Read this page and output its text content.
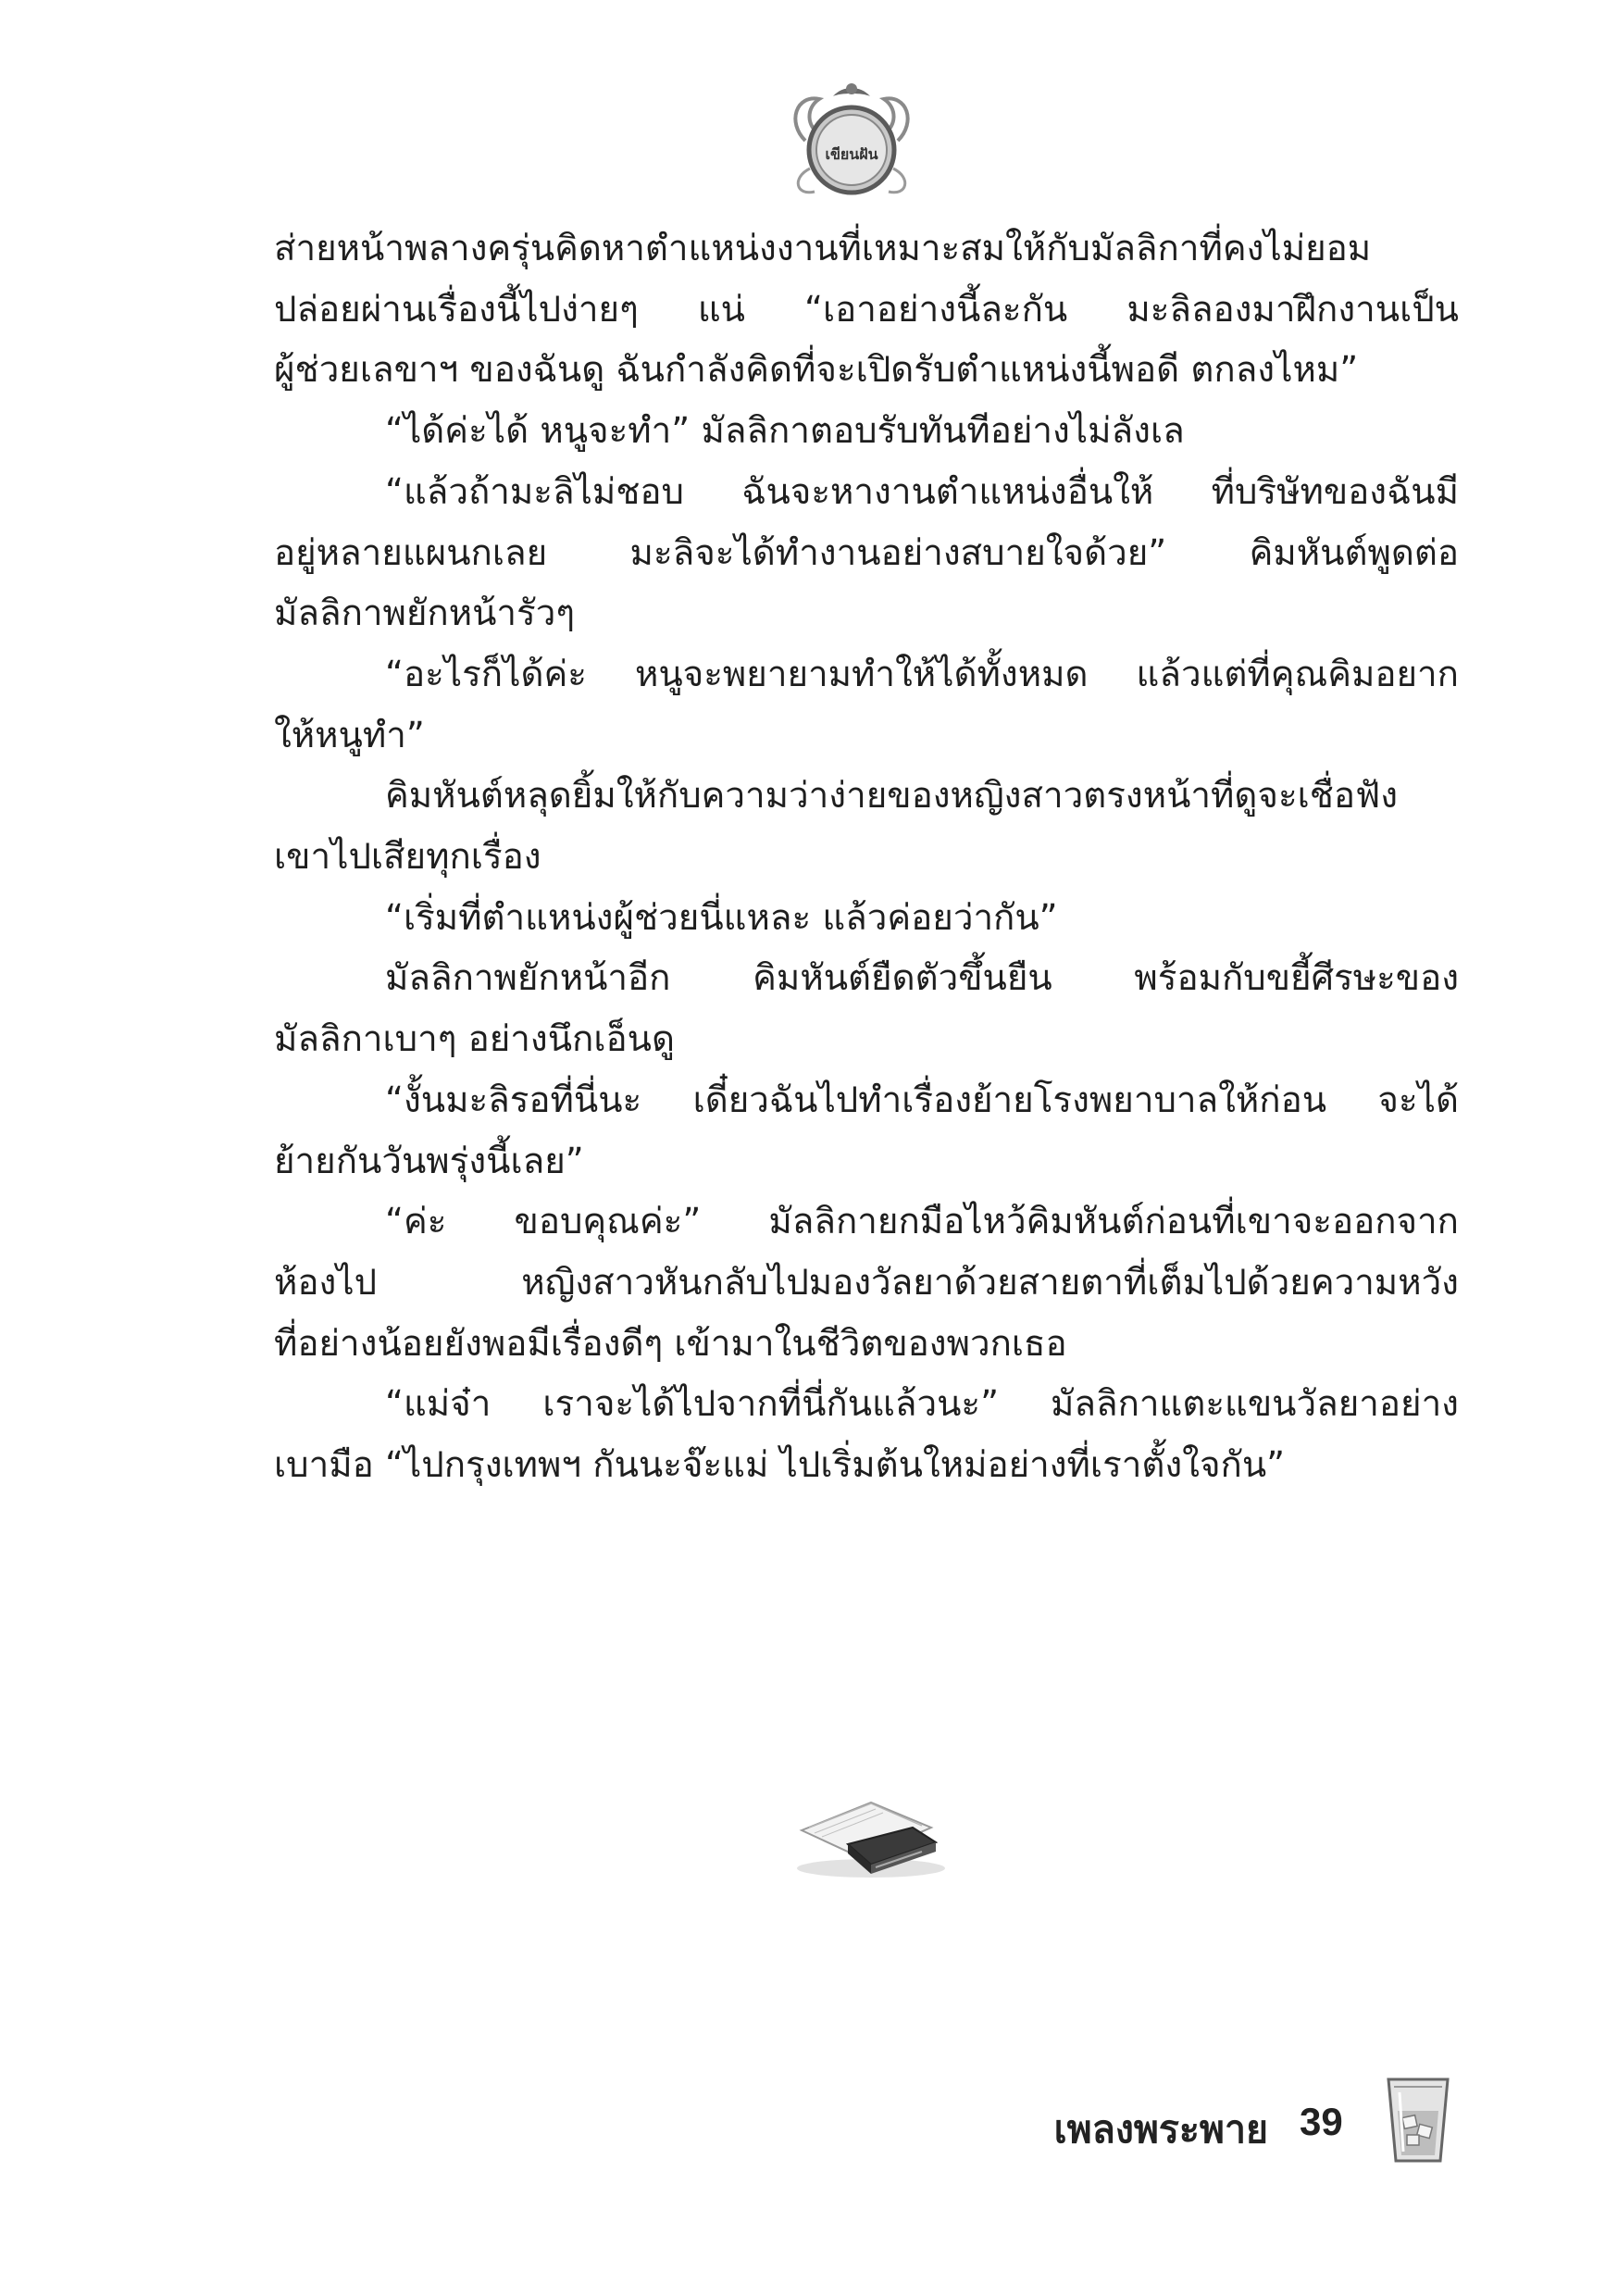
เขียนฝัน

ส่ายหน้าพลางครุ่นคิดหาตำแหน่งงานที่เหมาะสมให้กับมัลลิกาที่คงไม่ยอม

ปล่อยผ่านเรื่องนี้ไปง่ายๆ แน่ “เอาอย่างนี้ละกัน มะลิลองมาฝึกงานเป็น

ผู้ช่วยเลขาฯ ของฉันดู ฉันกำลังคิดที่จะเปิดรับตำแหน่งนี้พอดี ตกลงไหม”

“ได้ค่ะได้ หนูจะทำ” มัลลิกาตอบรับทันทีอย่างไม่ลังเล

“แล้วถ้ามะลิไม่ชอบ ฉันจะหางานตำแหน่งอื่นให้ ที่บริษัทของฉันมี

อยู่หลายแผนกเลย มะลิจะได้ทำงานอย่างสบายใจด้วย” คิมหันต์พูดต่อ

มัลลิกาพยักหน้ารัวๆ

“อะไรก็ได้ค่ะ หนูจะพยายามทำให้ได้ทั้งหมด แล้วแต่ที่คุณคิมอยาก

ให้หนูทำ”

คิมหันต์หลุดยิ้มให้กับความว่าง่ายของหญิงสาวตรงหน้าที่ดูจะเชื่อฟัง

เขาไปเสียทุกเรื่อง

“เริ่มที่ตำแหน่งผู้ช่วยนี่แหละ แล้วค่อยว่ากัน”

มัลลิกาพยักหน้าอีก คิมหันต์ยืดตัวขึ้นยืน พร้อมกับขยี้ศีรษะของ

มัลลิกาเบาๆ อย่างนึกเอ็นดู

“งั้นมะลิรอที่นี่นะ เดี๋ยวฉันไปทำเรื่องย้ายโรงพยาบาลให้ก่อน จะได้

ย้ายกันวันพรุ่งนี้เลย”

“ค่ะ ขอบคุณค่ะ” มัลลิกายกมือไหว้คิมหันต์ก่อนที่เขาจะออกจาก

ห้องไป หญิงสาวหันกลับไปมองวัลยาด้วยสายตาที่เต็มไปด้วยความหวัง

ที่อย่างน้อยยังพอมีเรื่องดีๆ เข้ามาในชีวิตของพวกเธอ

“แม่จ๋า เราจะได้ไปจากที่นี่กันแล้วนะ” มัลลิกาแตะแขนวัลยาอย่าง

เบามือ “ไปกรุงเทพฯ กันนะจ๊ะแม่ ไปเริ่มต้นใหม่อย่างที่เราตั้งใจกัน”

เพลงพระพาย 39
